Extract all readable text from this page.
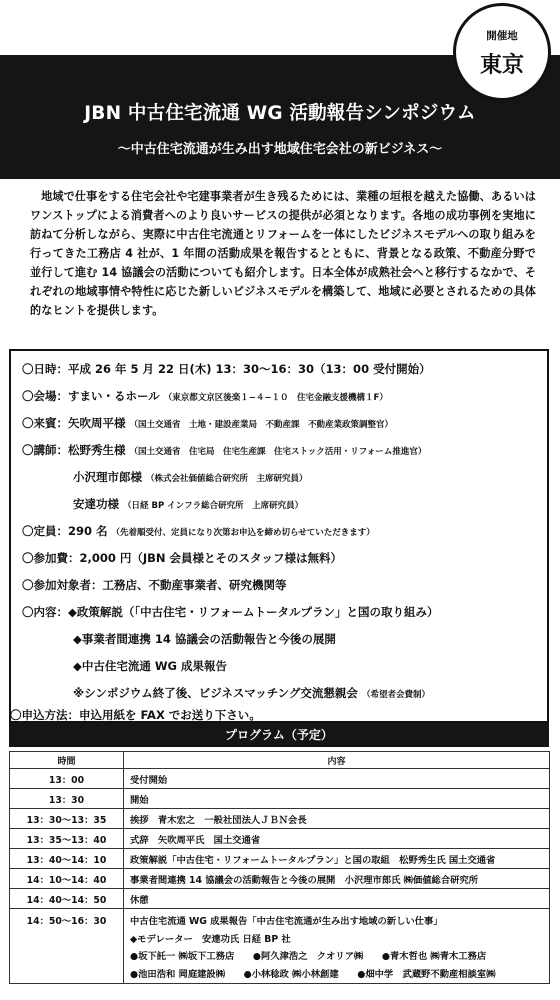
JBN 中古住宅流通 WG 活動報告シンポジウム
〜中古住宅流通が生み出す地域住宅会社の新ビジネス〜
開催地
東京
地域で仕事をする住宅会社や宅建事業者が生き残るためには、業種の垣根を越えた協働、あるいはワンストップによる消費者へのより良いサービスの提供が必須となります。各地の成功事例を実地に訪ねて分析しながら、実際に中古住宅流通とリフォームを一体にしたビジネスモデルへの取り組みを行ってきた工務店 4 社が、1 年間の活動成果を報告するとともに、背景となる政策、不動産分野で並行して進む 14 協議会の活動についても紹介します。日本全体が成熟社会へと移行するなかで、それぞれの地域事情や特性に応じた新しいビジネスモデルを構築して、地域に必要とされるための具体的なヒントを提供します。
〇日時：平成 26 年 5 月 22 日(木) 13：30〜16：30（13：00 受付開始）
〇会場：すまい・るホール （東京都文京区後楽１−４−１０　住宅金融支援機構１F）
〇来賓：矢吹周平様 （国土交通省　土地・建設産業局　不動産課　不動産業政策調整官）
〇講師：松野秀生様 （国土交通省　住宅局　住宅生産課　住宅ストック活用・リフォーム推進官）
小沢理市郎様 （株式会社価値総合研究所　主席研究員）
安達功様 （日経 BP インフラ総合研究所　上席研究員）
〇定員：290 名 （先着順受付、定員になり次第お申込を締め切らせていただきます）
〇参加費：2,000 円（JBN 会員様とそのスタッフ様は無料）
〇参加対象者：工務店、不動産事業者、研究機関等
〇内容：◆政策解説（「中古住宅・リフォームトータルプラン」と国の取り組み）
◆事業者間連携 14 協議会の活動報告と今後の展開
◆中古住宅流通 WG 成果報告
※シンポジウム終了後、ビジネスマッチング交流懇親会 （希望者会費制）
〇申込方法：申込用紙を FAX でお送り下さい。
プログラム（予定）
時間	内容
13：00	受付開始
13：30	開始
13：30〜13：35	挨拶　青木宏之　一般社団法人ＪＢＮ会長
13：35〜13：40	式辞　矢吹周平氏　国土交通省
13：40〜14：10	政策解説「中古住宅・リフォームトータルプラン」と国の取組　松野秀生氏 国土交通省
14：10〜14：40	事業者間連携 14 協議会の活動報告と今後の展開　小沢理市郎氏 ㈱価値総合研究所
14：40〜14：50	休憩
14：50〜16：30	中古住宅流通 WG 成果報告「中古住宅流通が生み出す地域の新しい仕事」
◆モデレーター　安達功氏 日経 BP 社
●坂下託一 ㈱坂下工務店　　●阿久津浩之　クオリア㈱　　●青木哲也 ㈱青木工務店
●池田浩和 岡庭建設㈱　　●小林稔政 ㈱小林創建　　●畑中学　武蔵野不動産相談室㈱
